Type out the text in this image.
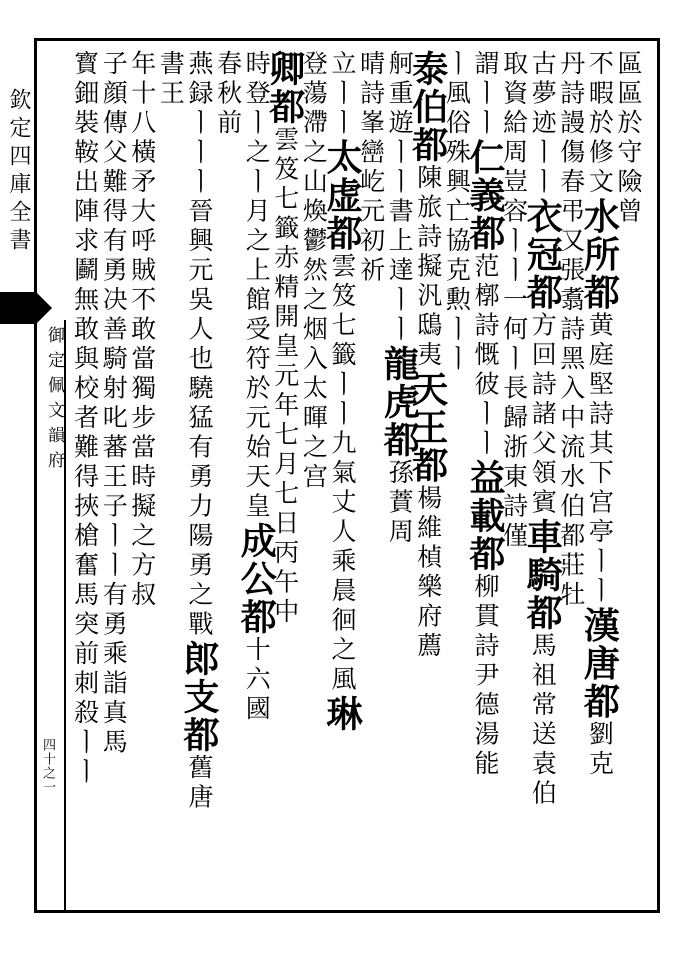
欽定四庫全書
御定佩文韻府
四十之一
區區於守險曾
不暇於修文水所都黄庭堅詩其下宫亭ㅣㅣ漢唐都劉克
丹詩謾傷春弔又張翥詩黑入中流水伯都莊牡
古夢迹ㅣㅣ衣冠都方回詩諸父領賓車騎都馬祖常送袁伯
取資給周豈容ㅣㅣ一何ㅣ長歸浙東詩僅
謂ㅣㅣ仁義都范槨詩慨彼ㅣㅣ益載都柳貫詩尹德湯能
ㅣ風俗殊興亡協克勲ㅣㅣ
泰伯都陳旅詩擬汎鴟夷天王都楊維楨樂府薦
舸重遊ㅣㅣ書上達ㅣㅣ龍虎都孫蕡周
晴詩峯巒屹元初祈
立ㅣㅣ太虚都雲笈七籤ㅣㅣ九氣丈人乘晨徊之風琳
登蕩滯之山煥鬱然之烟入太暉之宫
卿都雲笈七籤赤精開皇元年七月七日丙午中
時登ㅣ之ㅣ月之上館受符於元始天皇成公都十六國
春秋前
燕録ㅣㅣㅣ晉興元吳人也驍猛有勇力陽勇之戰郎支都舊唐
書王
年十八橫矛大呼賊不敢當獨步當時擬之方叔
子顔傳父難得有勇决善騎射叱蕃王子ㅣㅣ有勇乘詣真馬
寳鈿裝鞍出陣求鬬無敢與校者難得挾槍奮馬突前刺殺ㅣㅣ
